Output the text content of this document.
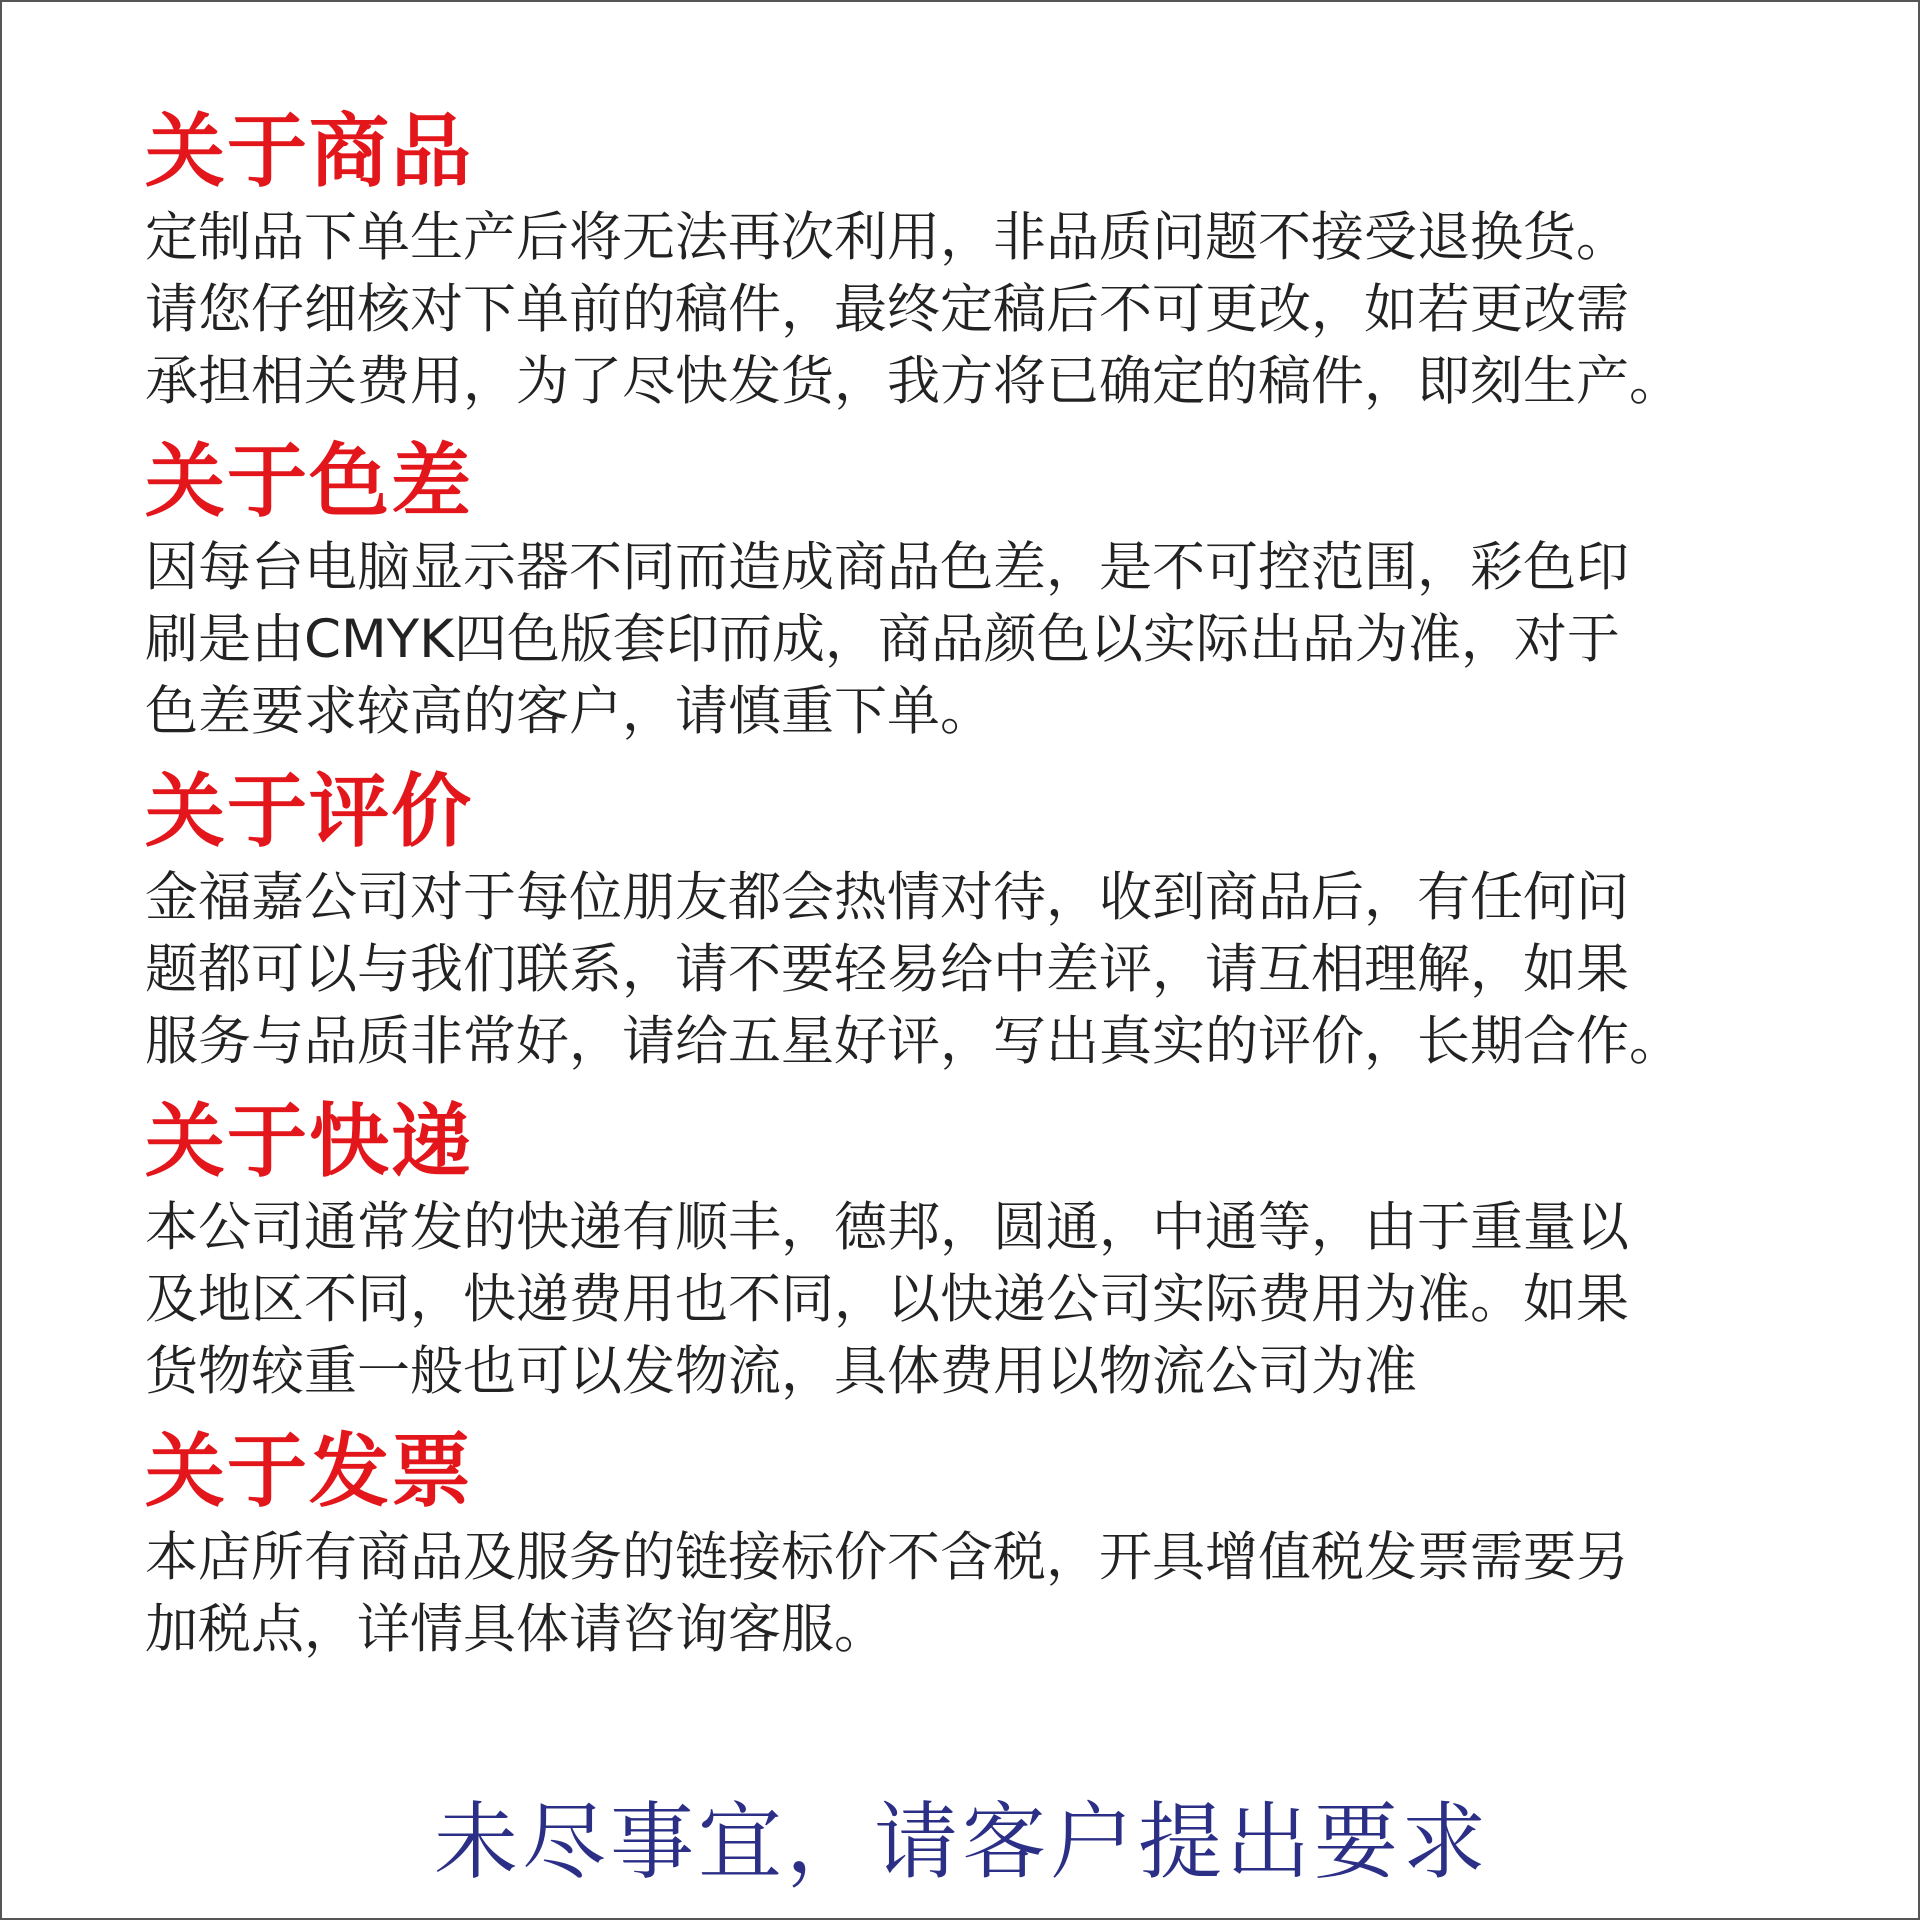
关于商品
定制品下单生产后将无法再次利用，非品质问题不接受退换货。
请您仔细核对下单前的稿件，最终定稿后不可更改，如若更改需
承担相关费用，为了尽快发货，我方将已确定的稿件，即刻生产。
关于色差
因每台电脑显示器不同而造成商品色差，是不可控范围，彩色印
刷是由CMYK四色版套印而成，商品颜色以实际出品为准，对于
色差要求较高的客户，请慎重下单。
关于评价
金福嘉公司对于每位朋友都会热情对待，收到商品后，有任何问
题都可以与我们联系，请不要轻易给中差评，请互相理解，如果
服务与品质非常好，请给五星好评，写出真实的评价，长期合作。
关于快递
本公司通常发的快递有顺丰，德邦，圆通，中通等，由于重量以
及地区不同，快递费用也不同，以快递公司实际费用为准。如果
货物较重一般也可以发物流，具体费用以物流公司为准
关于发票
本店所有商品及服务的链接标价不含税，开具增值税发票需要另
加税点，详情具体请咨询客服。
未尽事宜，请客户提出要求
